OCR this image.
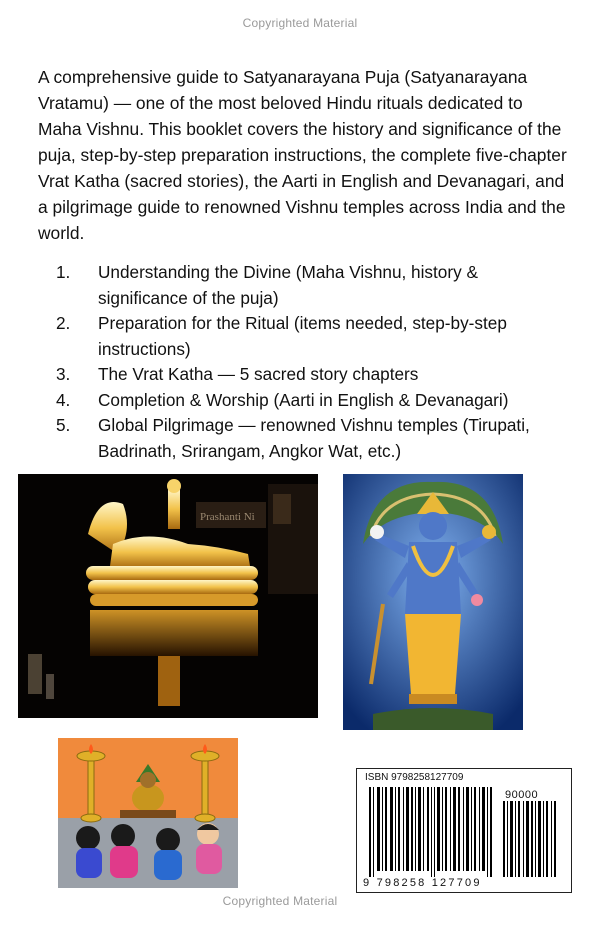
Copyrighted Material

A comprehensive guide to Satyanarayana Puja (Satyanarayana Vratamu) — one of the most beloved Hindu rituals dedicated to Maha Vishnu. This booklet covers the history and significance of the puja, step-by-step preparation instructions, the complete five-chapter Vrat Katha (sacred stories), the Aarti in English and Devanagari, and a pilgrimage guide to renowned Vishnu temples across India and the world.

1.	Understanding the Divine (Maha Vishnu, history & significance of the puja)
2.	Preparation for the Ritual (items needed, step-by-step instructions)
3.	The Vrat Katha — 5 sacred story chapters
4.	Completion & Worship (Aarti in English & Devanagari)
5.	Global Pilgrimage — renowned Vishnu temples (Tirupati, Badrinath, Srirangam, Angkor Wat, etc.)
Prashanti Ni
ISBN 9798258127709
90000
9 798258 127709
Copyrighted Material
